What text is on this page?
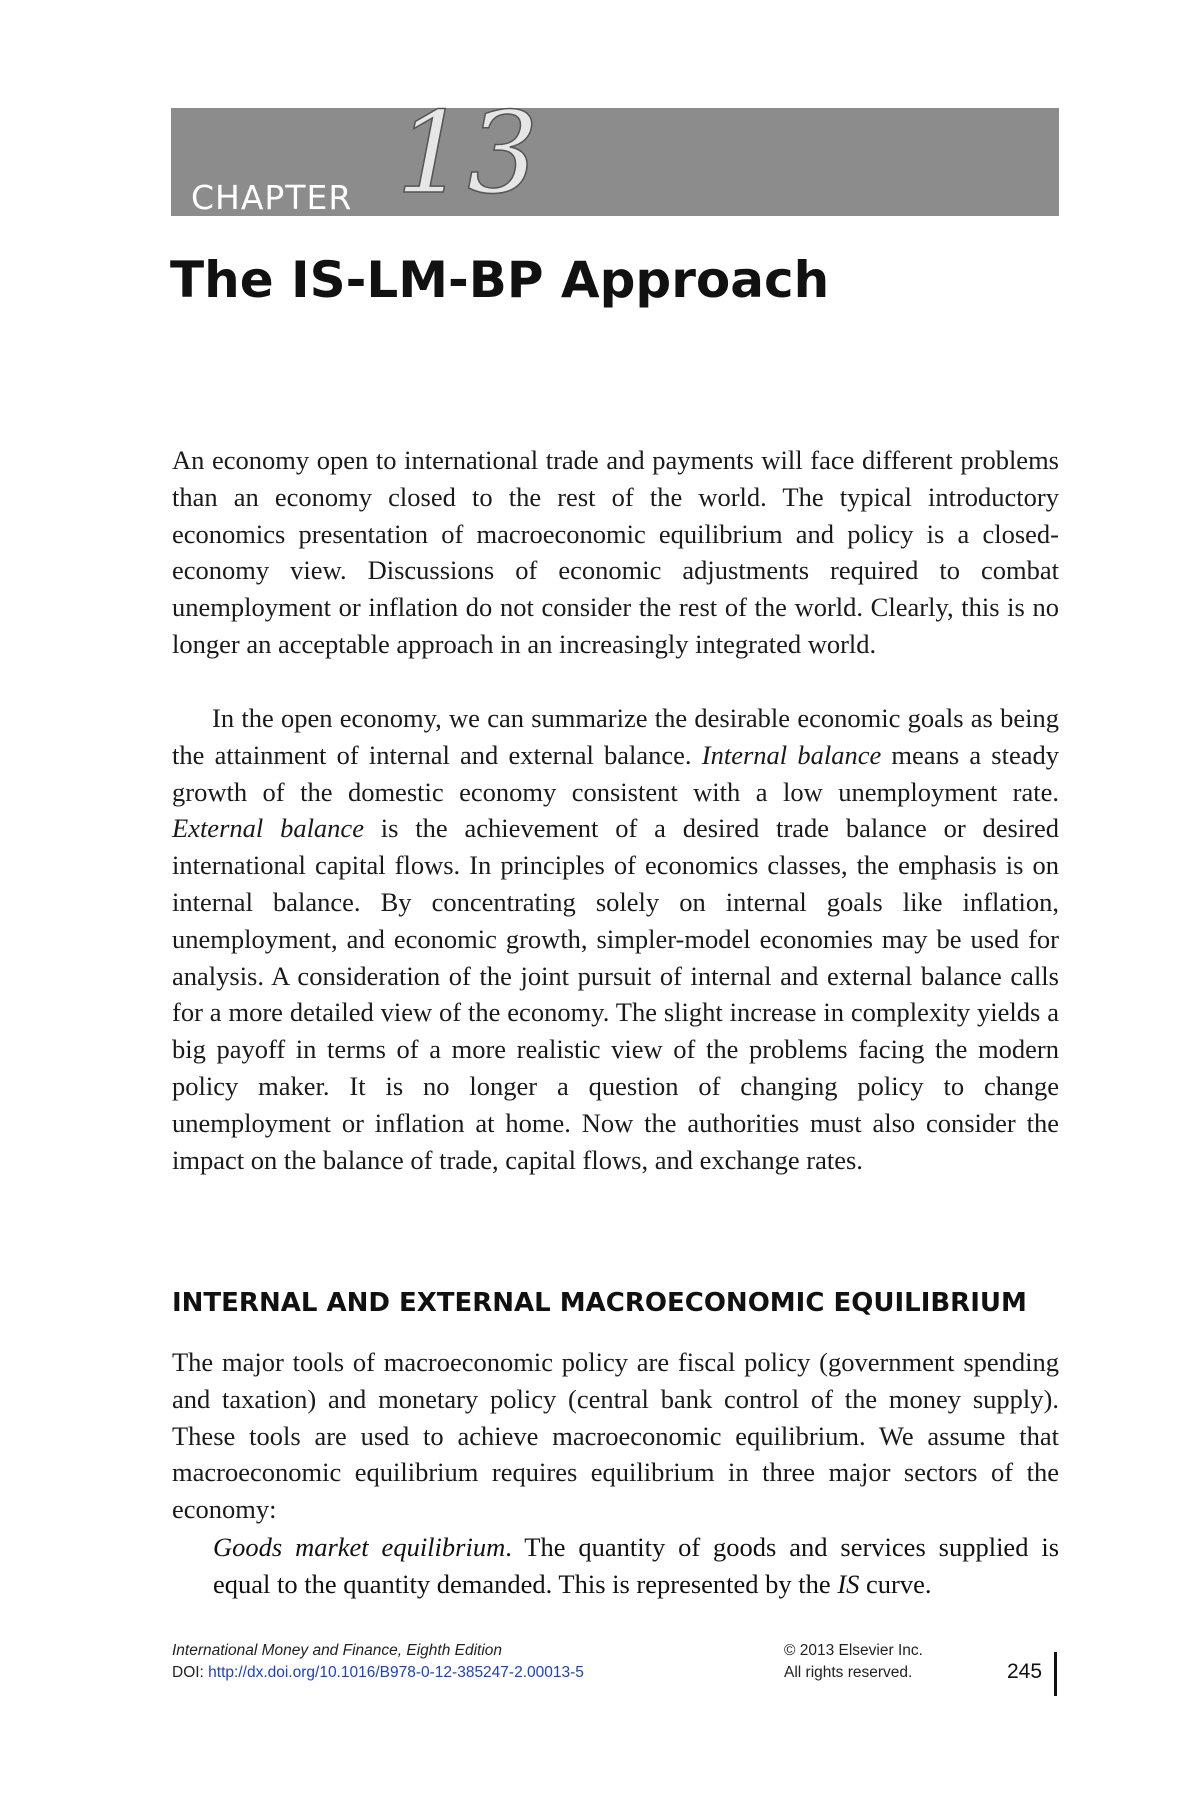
CHAPTER 13
The IS-LM-BP Approach

An economy open to international trade and payments will face different problems than an economy closed to the rest of the world. The typical introductory economics presentation of macroeconomic equilibrium and policy is a closed-economy view. Discussions of economic adjustments required to combat unemployment or inflation do not consider the rest of the world. Clearly, this is no longer an acceptable approach in an increasingly integrated world.

In the open economy, we can summarize the desirable economic goals as being the attainment of internal and external balance. Internal balance means a steady growth of the domestic economy consistent with a low unemployment rate. External balance is the achievement of a desired trade balance or desired international capital flows. In principles of economics classes, the emphasis is on internal balance. By concentrating solely on internal goals like inflation, unemployment, and economic growth, simpler-model economies may be used for analysis. A consideration of the joint pursuit of internal and external balance calls for a more detailed view of the economy. The slight increase in complexity yields a big payoff in terms of a more realistic view of the problems facing the modern policy maker. It is no longer a question of changing policy to change unemployment or inflation at home. Now the authorities must also consider the impact on the balance of trade, capital flows, and exchange rates.

INTERNAL AND EXTERNAL MACROECONOMIC EQUILIBRIUM

The major tools of macroeconomic policy are fiscal policy (government spending and taxation) and monetary policy (central bank control of the money supply). These tools are used to achieve macroeconomic equilibrium. We assume that macroeconomic equilibrium requires equilibrium in three major sectors of the economy:

Goods market equilibrium. The quantity of goods and services supplied is equal to the quantity demanded. This is represented by the IS curve.

International Money and Finance, Eighth Edition
DOI: http://dx.doi.org/10.1016/B978-0-12-385247-2.00013-5
© 2013 Elsevier Inc.
All rights reserved.	245
